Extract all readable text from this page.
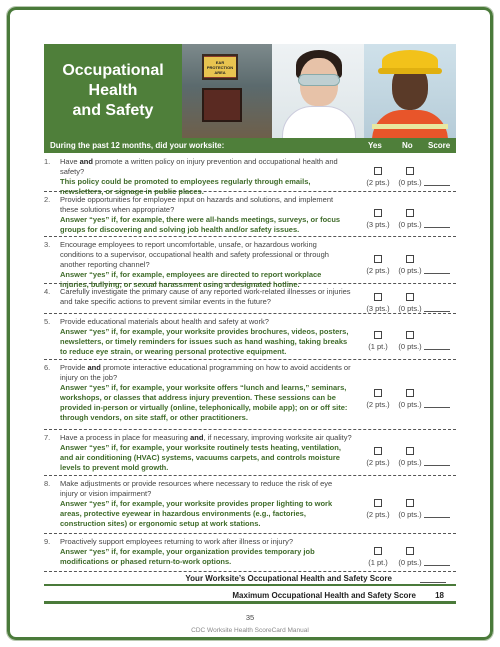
Occupational
Health
and Safety
EAR PROTECTION AREA
During the past 12 months, did your worksite:	Yes	No Score
1.	Have and promote a written policy on injury prevention and occupational health and safety?
This policy could be promoted to employees regularly through emails, newsletters, or signage in public places.
(2 pts.)	(0 pts.)
2.	Provide opportunities for employee input on hazards and solutions, and implement these solutions when appropriate?
Answer “yes” if, for example, there were all-hands meetings, surveys, or focus groups for discovering and solving job health and/or safety issues.
(3 pts.)	(0 pts.)
3.	Encourage employees to report uncomfortable, unsafe, or hazardous working conditions to a supervisor, occupational health and safety professional or through another reporting channel?
Answer “yes” if, for example, employees are directed to report workplace injuries, bullying, or sexual harassment using a designated hotline.
(2 pts.)	(0 pts.)
4.	Carefully investigate the primary cause of any reported work-related illnesses or injuries and take specific actions to prevent similar events in the future?
(3 pts.)	(0 pts.)
5.	Provide educational materials about health and safety at work?
Answer “yes” if, for example, your worksite provides brochures, videos, posters, newsletters, or timely reminders for issues such as hand washing, taking breaks to reduce eye strain, or wearing personal protective equipment.
(1 pt.)	(0 pts.)
6.	Provide and promote interactive educational programming on how to avoid accidents or injury on the job?
Answer “yes” if, for example, your worksite offers “lunch and learns,” seminars, workshops, or classes that address injury prevention. These sessions can be provided in-person or virtually (online, telephonically, mobile app); on or off site: through vendors, on site staff, or other practitioners.
(2 pts.)	(0 pts.)
7.	Have a process in place for measuring and, if necessary, improving worksite air quality?
Answer “yes” if, for example, your worksite routinely tests heating, ventilation, and air conditioning (HVAC) systems, vacuums carpets, and controls moisture levels to prevent mold growth.
(2 pts.)	(0 pts.)
8.	Make adjustments or provide resources where necessary to reduce the risk of eye injury or vision impairment?
Answer “yes” if, for example, your worksite provides proper lighting to work areas, protective eyewear in hazardous environments (e.g., factories, construction sites) or ergonomic setup at work stations.
(2 pts.)	(0 pts.)
9.	Proactively support employees returning to work after illness or injury?
Answer “yes” if, for example, your organization provides temporary job modifications or phased return-to-work options.	(1 pt.)	(0 pts.)
Your Worksite’s Occupational Health and Safety Score
Maximum Occupational Health and Safety Score 18
35
CDC Worksite Health ScoreCard Manual
